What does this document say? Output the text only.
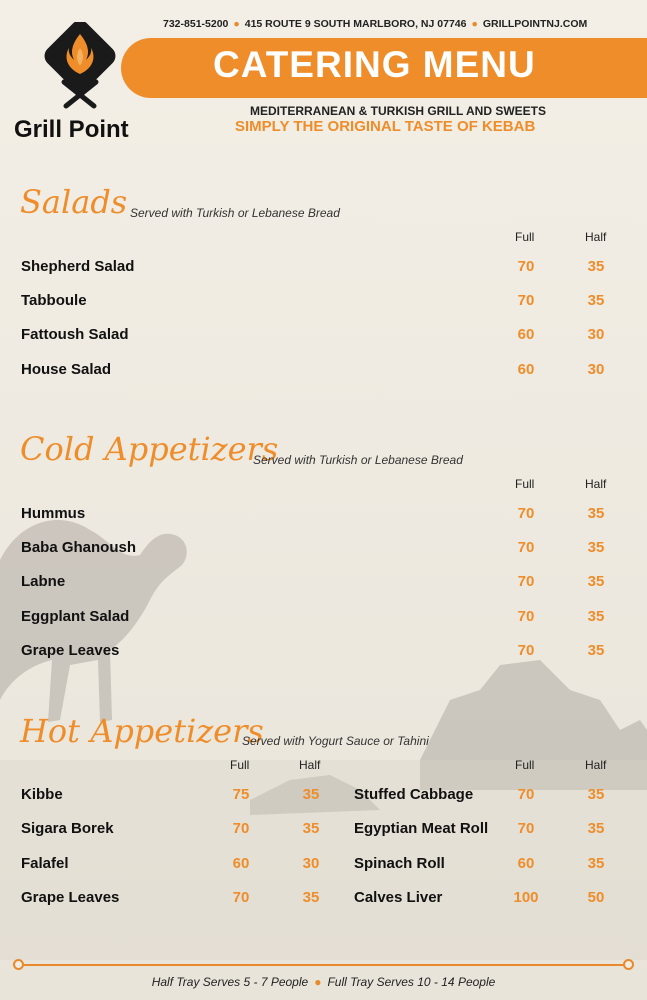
732-851-5200 ● 415 ROUTE 9 SOUTH MARLBORO, NJ 07746 ● GRILLPOINTNJ.COM
Grill Point
CATERING MENU
MEDITERRANEAN & TURKISH GRILL AND SWEETS
SIMPLY THE ORIGINAL TASTE OF KEBAB
Salads Served with Turkish or Lebanese Bread
Full	Half
Shepherd Salad	70	35
Tabboule	70	35
Fattoush Salad	60	30
House Salad	60	30
Cold Appetizers
Served with Turkish or Lebanese Bread
Full	Half
Hummus	70	35
Baba Ghanoush	70	35
Labne	70	35
Eggplant Salad	70	35
Grape Leaves	70	35
Hot Appetizers
Served with Yogurt Sauce or Tahini
Full	Half	Full	Half
Kibbe	75	35
Sigara Borek	70	35
Falafel	60	30
Grape Leaves	70	35
Stuffed Cabbage	70	35
Egyptian Meat Roll	70	35
Spinach Roll	60	35
Calves Liver	100	50
Half Tray Serves 5 - 7 People ● Full Tray Serves 10 - 14 People
